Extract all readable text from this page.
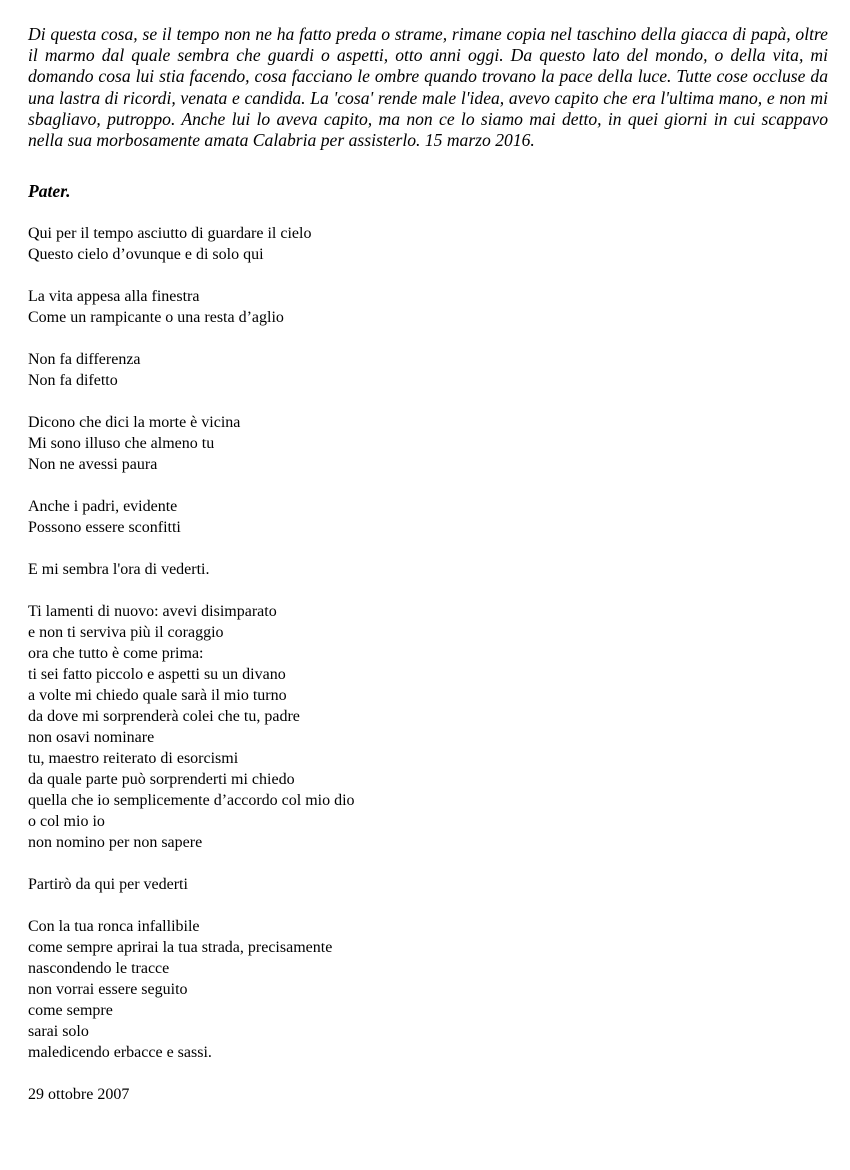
Di questa cosa, se il tempo non ne ha fatto preda o strame, rimane copia nel taschino della giacca di papà, oltre il marmo dal quale sembra che guardi o aspetti, otto anni oggi. Da questo lato del mondo, o della vita, mi domando cosa lui stia facendo, cosa facciano le ombre quando trovano la pace della luce. Tutte cose occluse da una lastra di ricordi, venata e candida. La 'cosa' rende male l'idea, avevo capito che era l'ultima mano, e non mi sbagliavo, putroppo. Anche lui lo aveva capito, ma non ce lo siamo mai detto, in quei giorni in cui scappavo nella sua morbosamente amata Calabria per assisterlo. 15 marzo 2016.

Pater.
Qui per il tempo asciutto di guardare il cielo
Questo cielo d’ovunque e di solo qui
La vita appesa alla finestra
Come un rampicante o una resta d’aglio
Non fa differenza
Non fa difetto
Dicono che dici la morte è vicina
Mi sono illuso che almeno tu
Non ne avessi paura
Anche i padri, evidente
Possono essere sconfitti
E mi sembra l'ora di vederti.
Ti lamenti di nuovo: avevi disimparato
e non ti serviva più il coraggio
ora che tutto è come prima:
ti sei fatto piccolo e aspetti su un divano
a volte mi chiedo quale sarà il mio turno
da dove mi sorprenderà colei che tu, padre
non osavi nominare
tu, maestro reiterato di esorcismi
da quale parte può sorprenderti mi chiedo
quella che io semplicemente d’accordo col mio dio
o col mio io
non nomino per non sapere
Partirò da qui per vederti
Con la tua ronca infallibile
come sempre aprirai la tua strada, precisamente
nascondendo le tracce
non vorrai essere seguito
come sempre
sarai solo
maledicendo erbacce e sassi.

29 ottobre 2007
